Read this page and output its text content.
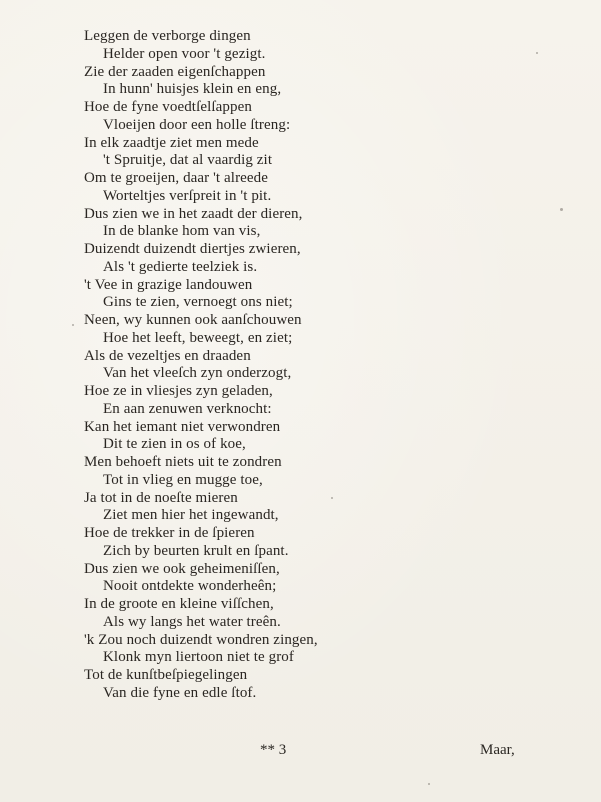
Leggen de verborge dingen
Helder open voor 't gezigt.
Zie der zaaden eigenſchappen
In hunn' huisjes klein en eng,
Hoe de fyne voedtſelſappen
Vloeijen door een holle ſtreng:
In elk zaadtje ziet men mede
't Spruitje, dat al vaardig zit
Om te groeijen, daar 't alreede
Worteltjes verſpreit in 't pit.
Dus zien we in het zaadt der dieren,
In de blanke hom van vis,
Duizendt duizendt diertjes zwieren,
Als 't gedierte teelziek is.
't Vee in grazige landouwen
Gins te zien, vernoegt ons niet;
Neen, wy kunnen ook aanſchouwen
Hoe het leeft, beweegt, en ziet;
Als de vezeltjes en draaden
Van het vleeſch zyn onderzogt,
Hoe ze in vliesjes zyn geladen,
En aan zenuwen verknocht:
Kan het iemant niet verwondren
Dit te zien in os of koe,
Men behoeft niets uit te zondren
Tot in vlieg en mugge toe,
Ja tot in de noeſte mieren
Ziet men hier het ingewandt,
Hoe de trekker in de ſpieren
Zich by beurten krult en ſpant.
Dus zien we ook geheimeniſſen,
Nooit ontdekte wonderheên;
In de groote en kleine viſſchen,
Als wy langs het water treên.
'k Zou noch duizendt wondren zingen,
Klonk myn liertoon niet te grof
Tot de kunſtbeſpiegelingen
Van die fyne en edle ſtof.
** 3	Maar,
